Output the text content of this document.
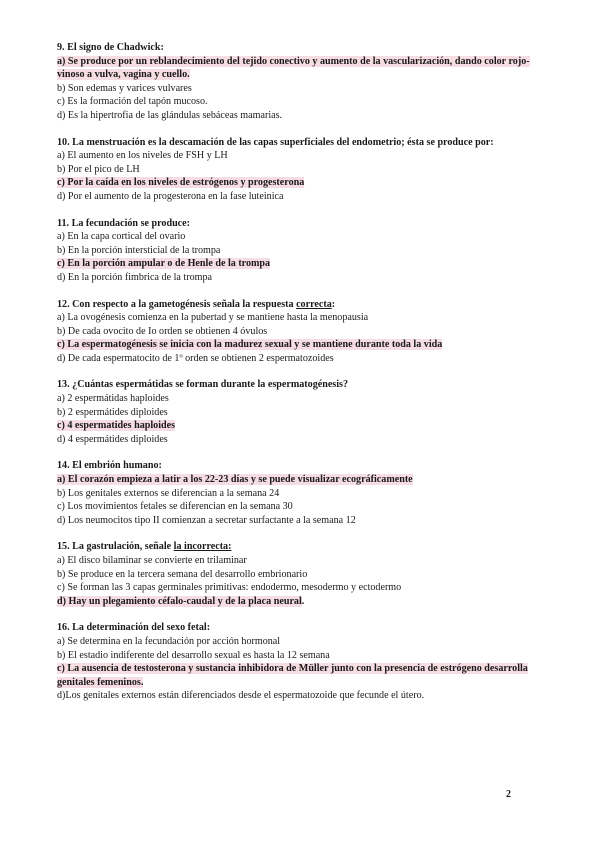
9. El signo de Chadwick:
a) Se produce por un reblandecimiento del tejido conectivo y aumento de la vascularización, dando color rojo-vinoso a vulva, vagina y cuello.
b) Son edemas y varices vulvares
c) Es la formación del tapón mucoso.
d) Es la hipertrofia de las glándulas sebáceas mamarias.
10. La menstruación es la descamación de las capas superficiales del endometrio; ésta se produce por:
a) El aumento en los niveles de FSH y LH
b) Por el pico de LH
c) Por la caída en los niveles de estrógenos y progesterona
d) Por el aumento de la progesterona en la fase luteinica
11. La fecundación se produce:
a) En la capa cortical del ovario
b) En la porción intersticial de la trompa
c) En la porción ampular o de Henle de la trompa
d) En la porción fimbrica de la trompa
12. Con respecto a la gametogénesis señala la respuesta correcta:
a) La ovogénesis comienza en la pubertad y se mantiene hasta la menopausia
b) De cada ovocito de Io orden se obtienen 4 óvulos
c) La espermatogénesis se inicia con la madurez sexual y se mantiene durante toda la vida
d) De cada espermatocito de 1º orden se obtienen 2 espermatozoides
13. ¿Cuántas espermátidas se forman durante la espermatogénesis?
a) 2 espermátidas haploides
b) 2 espermátides diploides
c) 4 espermatides haploides
d) 4 espermátides diploides
14. El embrión humano:
a) El corazón empieza a latir a los 22-23 días y se puede visualizar ecográficamente
b) Los genitales externos se diferencian a la semana 24
c) Los movimientos fetales se diferencian en la semana 30
d) Los neumocitos tipo II comienzan a secretar surfactante a la semana 12
15. La gastrulación, señale la incorrecta:
a) El disco bilaminar se convierte en trilaminar
b) Se produce en la tercera semana del desarrollo embrionario
c) Se forman las 3 capas germinales primitivas: endodermo, mesodermo y ectodermo
d) Hay un plegamiento céfalo-caudal y de la placa neural.
16. La determinación del sexo fetal:
a) Se determina en la fecundación por acción hormonal
b) El estadio indiferente del desarrollo sexual es hasta la 12 semana
c) La ausencia de testosterona y sustancia inhibidora de Müller junto con la presencia de estrógeno desarrolla genitales femeninos.
d)Los genitales externos están diferenciados desde el espermatozoide que fecunde el útero.
2
